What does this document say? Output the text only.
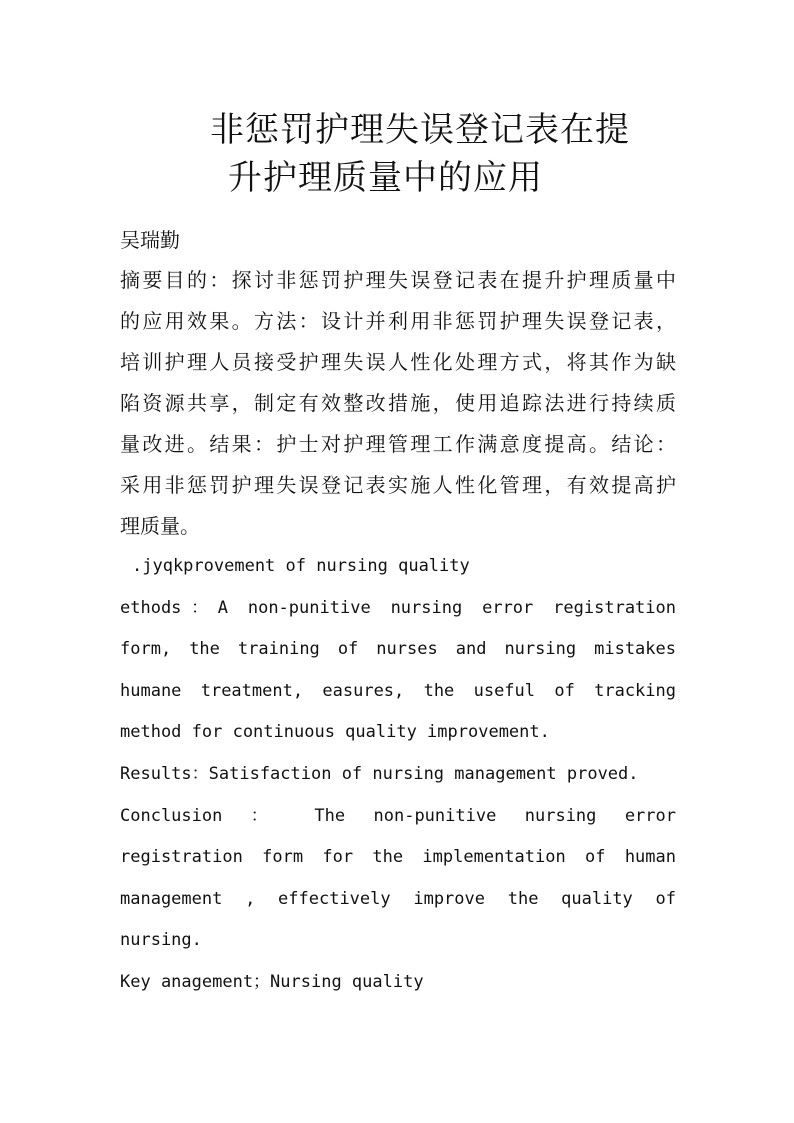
非惩罚护理失误登记表在提
升护理质量中的应用
吴瑞勤
摘要目的：探讨非惩罚护理失误登记表在提升护理质量中
的应用效果。方法：设计并利用非惩罚护理失误登记表，
培训护理人员接受护理失误人性化处理方式，将其作为缺
陷资源共享，制定有效整改措施，使用追踪法进行持续质
量改进。结果：护士对护理管理工作满意度提高。结论：
采用非惩罚护理失误登记表实施人性化管理，有效提高护
理质量。
.jyqkprovement of nursing quality
ethods：A non-punitive nursing error registration
form, the training of nurses and nursing mistakes
humane treatment, easures, the useful of tracking
method for continuous quality improvement.
Results：Satisfaction of nursing management proved.
Conclusion ： The non-punitive nursing error
registration form for the implementation of human
management , effectively improve the quality of
nursing.
Key anagement；Nursing quality
